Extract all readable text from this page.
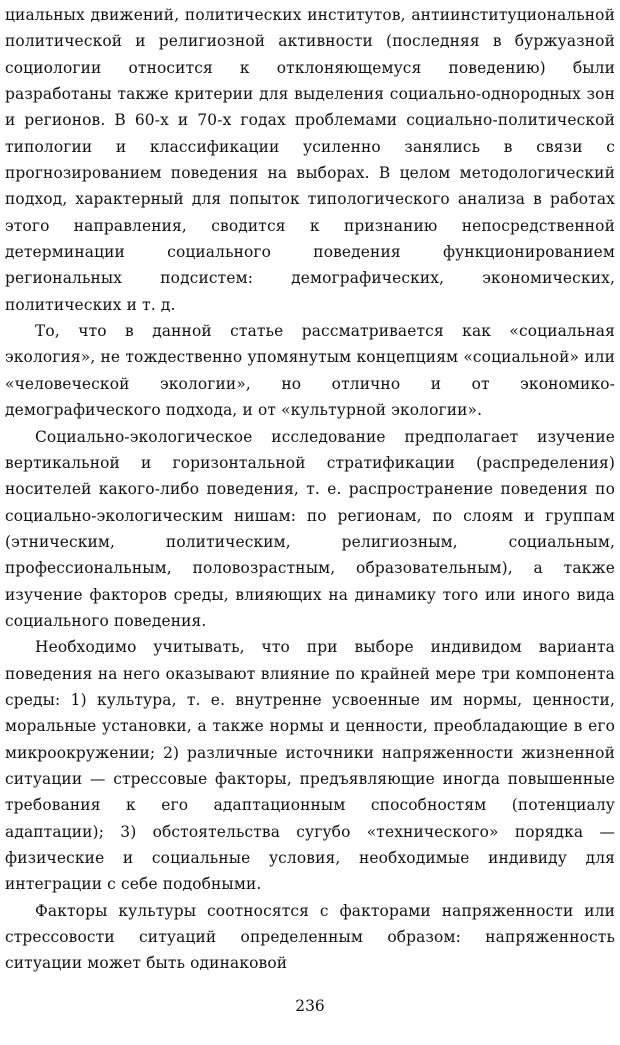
циальных движений, политических институтов, антиинституциональной политической и религиозной активности (последняя в буржуазной социологии относится к отклоняющемуся поведению) были разработаны также критерии для выделения социально-однородных зон и регионов. В 60-х и 70-х годах проблемами социально-политической типологии и классификации усиленно занялись в связи с прогнозированием поведения на выборах. В целом методологический подход, характерный для попыток типологического анализа в работах этого направления, сводится к признанию непосредственной детерминации социального поведения функционированием региональных подсистем: демографических, экономических, политических и т. д.

То, что в данной статье рассматривается как «социальная экология», не тождественно упомянутым концепциям «социальной» или «человеческой экологии», но отлично и от экономико-демографического подхода, и от «культурной экологии».

Социально-экологическое исследование предполагает изучение вертикальной и горизонтальной стратификации (распределения) носителей какого-либо поведения, т. е. распространение поведения по социально-экологическим нишам: по регионам, по слоям и группам (этническим, политическим, религиозным, социальным, профессиональным, половозрастным, образовательным), а также изучение факторов среды, влияющих на динамику того или иного вида социального поведения.

Необходимо учитывать, что при выборе индивидом варианта поведения на него оказывают влияние по крайней мере три компонента среды: 1) культура, т. е. внутренне усвоенные им нормы, ценности, моральные установки, а также нормы и ценности, преобладающие в его микроокружении; 2) различные источники напряженности жизненной ситуации — стрессовые факторы, предъявляющие иногда повышенные требования к его адаптационным способностям (потенциалу адаптации); 3) обстоятельства сугубо «технического» порядка — физические и социальные условия, необходимые индивиду для интеграции с себе подобными.

Факторы культуры соотносятся с факторами напряженности или стрессовости ситуаций определенным образом: напряженность ситуации может быть одинаковой

236
